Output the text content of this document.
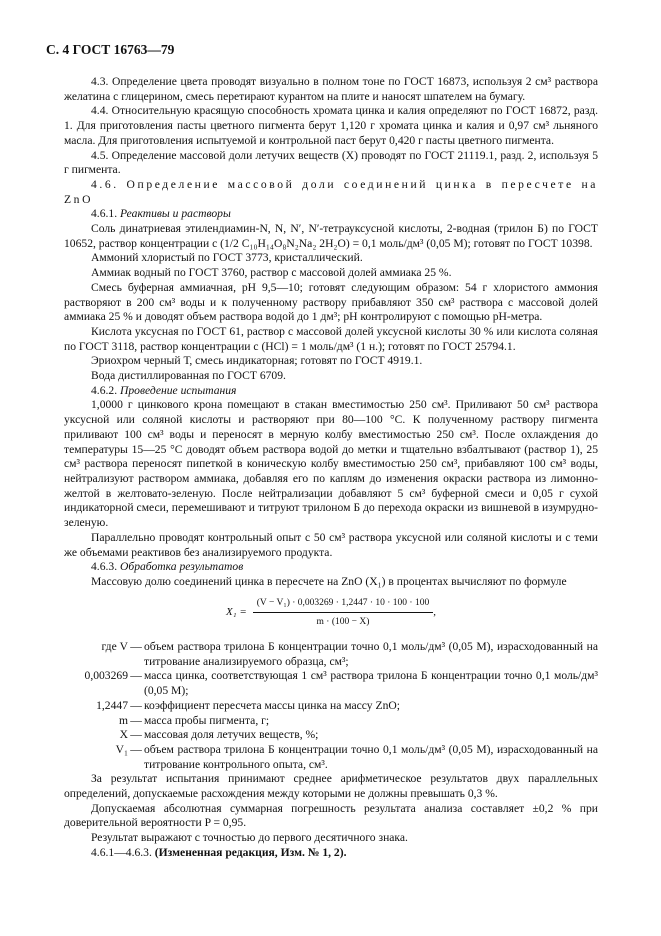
С. 4 ГОСТ 16763—79

4.3. Определение цвета проводят визуально в полном тоне по ГОСТ 16873, используя 2 см³ раствора желатина с глицерином, смесь перетирают курантом на плите и наносят шпателем на бумагу.

4.4. Относительную красящую способность хромата цинка и калия определяют по ГОСТ 16872, разд. 1. Для приготовления пасты цветного пигмента берут 1,120 г хромата цинка и калия и 0,97 см³ льняного масла. Для приготовления испытуемой и контрольной паст берут 0,420 г пасты цветного пигмента.

4.5. Определение массовой доли летучих веществ (X) проводят по ГОСТ 21119.1, разд. 2, используя 5 г пигмента.

4.6. Определение массовой доли соединений цинка в пересчете на ZnO

4.6.1. Реактивы и растворы

Соль динатриевая этилендиамин-N, N, N′, N′-тетрауксусной кислоты, 2-водная (трилон Б) по ГОСТ 10652, раствор концентрации c (1/2 C₁₀H₁₄O₈N₂Na₂ 2H₂O) = 0,1 моль/дм³ (0,05 М); готовят по ГОСТ 10398.

Аммоний хлористый по ГОСТ 3773, кристаллический.

Аммиак водный по ГОСТ 3760, раствор с массовой долей аммиака 25 %.

Смесь буферная аммиачная, pH 9,5—10; готовят следующим образом: 54 г хлористого аммония растворяют в 200 см³ воды и к полученному раствору прибавляют 350 см³ раствора с массовой долей аммиака 25 % и доводят объем раствора водой до 1 дм³; pH контролируют с помощью pH-метра.

Кислота уксусная по ГОСТ 61, раствор с массовой долей уксусной кислоты 30 % или кислота соляная по ГОСТ 3118, раствор концентрации c (HCl) = 1 моль/дм³ (1 н.); готовят по ГОСТ 25794.1.

Эриохром черный Т, смесь индикаторная; готовят по ГОСТ 4919.1.

Вода дистиллированная по ГОСТ 6709.

4.6.2. Проведение испытания

1,0000 г цинкового крона помещают в стакан вместимостью 250 см³. Приливают 50 см³ раствора уксусной или соляной кислоты и растворяют при 80—100 °С. К полученному раствору пигмента приливают 100 см³ воды и переносят в мерную колбу вместимостью 250 см³. После охлаждения до температуры 15—25 °С доводят объем раствора водой до метки и тщательно взбалтывают (раствор 1), 25 см³ раствора переносят пипеткой в коническую колбу вместимостью 250 см³, прибавляют 100 см³ воды, нейтрализуют раствором аммиака, добавляя его по каплям до изменения окраски раствора из лимонно-желтой в желтовато-зеленую. После нейтрализации добавляют 5 см³ буферной смеси и 0,05 г сухой индикаторной смеси, перемешивают и титруют трилоном Б до перехода окраски из вишневой в изумрудно-зеленую.

Параллельно проводят контрольный опыт с 50 см³ раствора уксусной или соляной кислоты и с теми же объемами реактивов без анализируемого продукта.

4.6.3. Обработка результатов

Массовую долю соединений цинка в пересчете на ZnO (X₁) в процентах вычисляют по формуле

$X_1 = \frac{\text{(V − V₁) · 0,003269 · 1,2447 · 10 · 100 · 100}}{m \cdot (100 - X)}$ ,
где V — объем раствора трилона Б концентрации точно 0,1 моль/дм³ (0,05 М), израсходованный на титрование анализируемого образца, см³;
0,003269 — масса цинка, соответствующая 1 см³ раствора трилона Б концентрации точно 0,1 моль/дм³ (0,05 М);
1,2447 — коэффициент пересчета массы цинка на массу ZnO;
m — масса пробы пигмента, г;
X — массовая доля летучих веществ, %;
V₁ — объем раствора трилона Б концентрации точно 0,1 моль/дм³ (0,05 М), израсходованный на титрование контрольного опыта, см³.

За результат испытания принимают среднее арифметическое результатов двух параллельных определений, допускаемые расхождения между которыми не должны превышать 0,3 %.

Допускаемая абсолютная суммарная погрешность результата анализа составляет ±0,2 % при доверительной вероятности P = 0,95.

Результат выражают с точностью до первого десятичного знака.

4.6.1—4.6.3. (Измененная редакция, Изм. № 1, 2).
